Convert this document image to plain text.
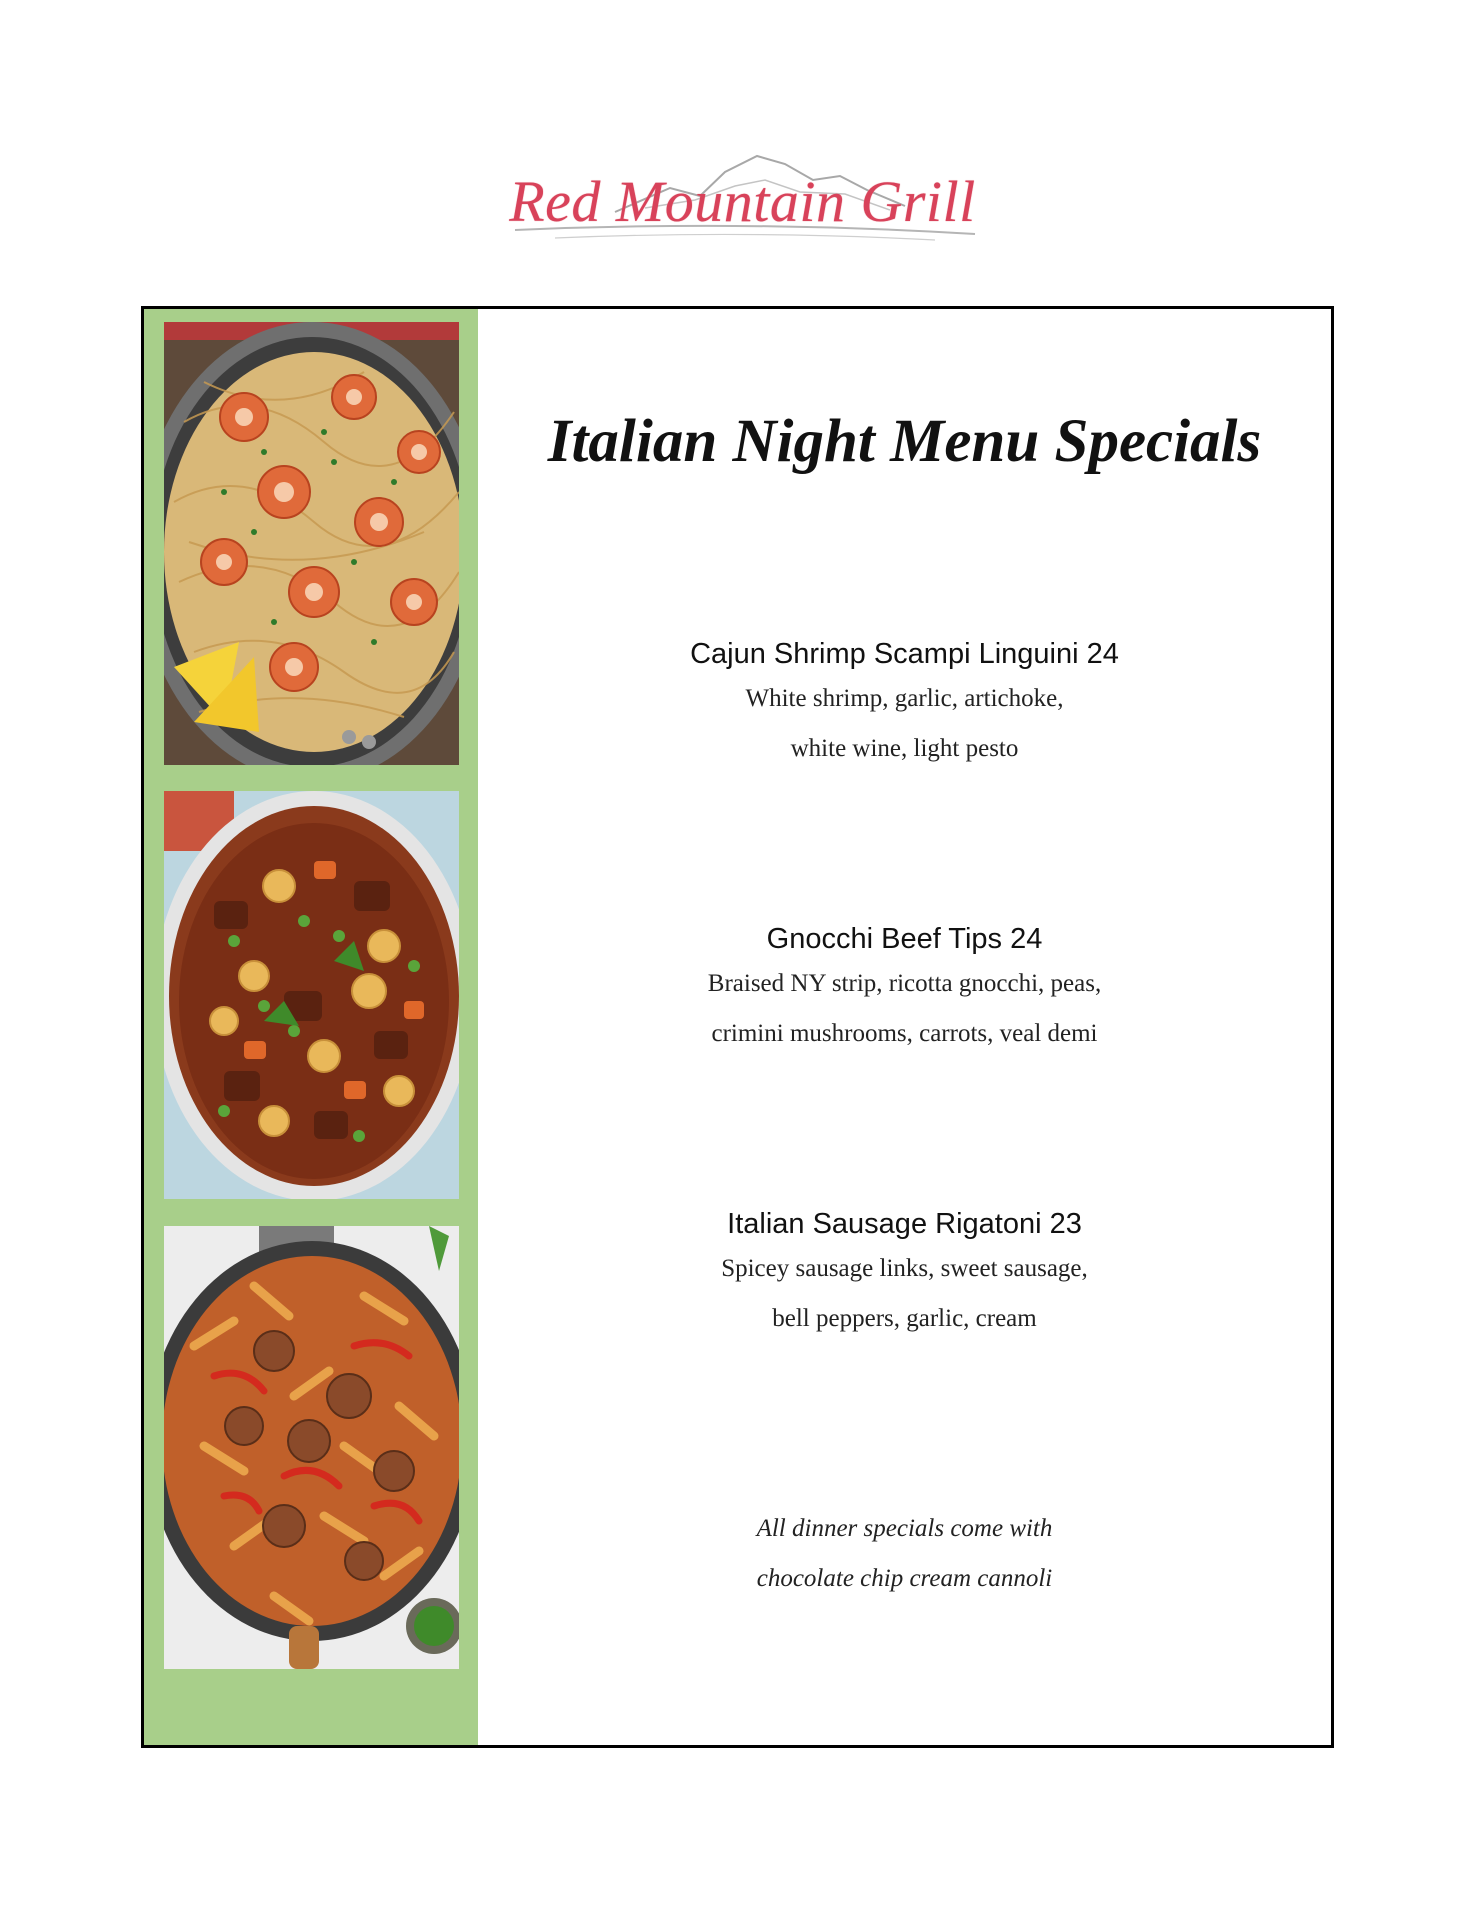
Red Mountain Grill
Italian Night Menu Specials
Cajun Shrimp Scampi Linguini 24
White shrimp, garlic, artichoke,
white wine, light pesto
Gnocchi Beef Tips 24
Braised NY strip, ricotta gnocchi, peas,
crimini mushrooms, carrots, veal demi
Italian Sausage Rigatoni 23
Spicey sausage links, sweet sausage,
bell peppers, garlic, cream
All dinner specials come with
chocolate chip cream cannoli
